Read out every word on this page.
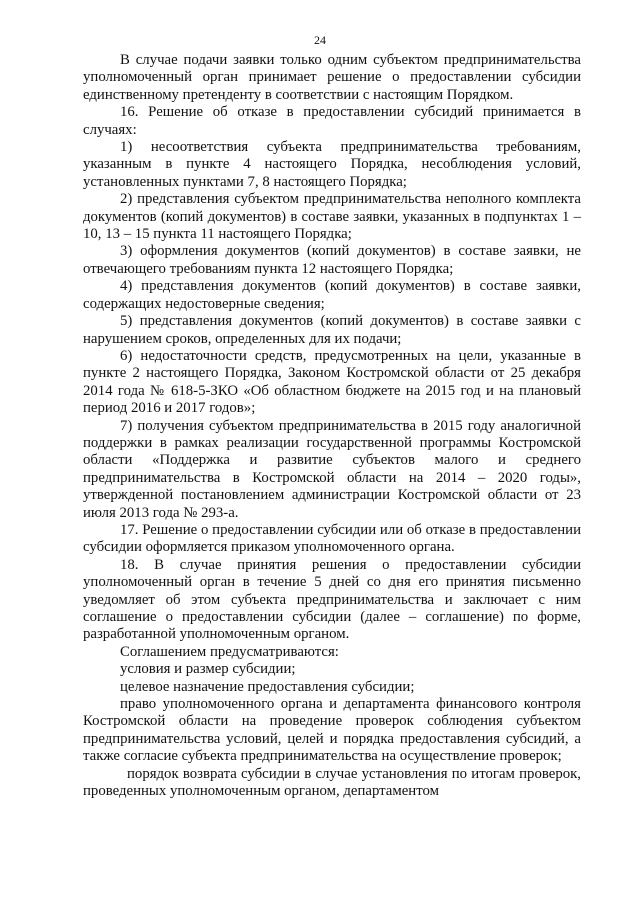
24

В случае подачи заявки только одним субъектом предпринимательства уполномоченный орган принимает решение о предоставлении субсидии единственному претенденту в соответствии с настоящим Порядком.

16. Решение об отказе в предоставлении субсидий принимается в случаях:

1) несоответствия субъекта предпринимательства требованиям, указанным в пункте 4 настоящего Порядка, несоблюдения условий, установленных пунктами 7, 8 настоящего Порядка;

2) представления субъектом предпринимательства неполного комплекта документов (копий документов) в составе заявки, указанных в подпунктах 1 – 10, 13 – 15 пункта 11 настоящего Порядка;

3) оформления документов (копий документов) в составе заявки, не отвечающего требованиям пункта 12 настоящего Порядка;

4) представления документов (копий документов) в составе заявки, содержащих недостоверные сведения;

5) представления документов (копий документов) в составе заявки с нарушением сроков, определенных для их подачи;

6) недостаточности средств, предусмотренных на цели, указанные в пункте 2 настоящего Порядка, Законом Костромской области от 25 декабря 2014 года № 618-5-ЗКО «Об областном бюджете на 2015 год и на плановый период 2016 и 2017 годов»;

7) получения субъектом предпринимательства в 2015 году аналогичной поддержки в рамках реализации государственной программы Костромской области «Поддержка и развитие субъектов малого и среднего предпринимательства в Костромской области на 2014 – 2020 годы», утвержденной постановлением администрации Костромской области от 23 июля 2013 года № 293-а.

17. Решение о предоставлении субсидии или об отказе в предоставлении субсидии оформляется приказом уполномоченного органа.

18. В случае принятия решения о предоставлении субсидии уполномоченный орган в течение 5 дней со дня его принятия письменно уведомляет об этом субъекта предпринимательства и заключает с ним соглашение о предоставлении субсидии (далее – соглашение) по форме, разработанной уполномоченным органом.

Соглашением предусматриваются:

условия и размер субсидии;

целевое назначение предоставления субсидии;

право уполномоченного органа и департамента финансового контроля Костромской области на проведение проверок соблюдения субъектом предпринимательства условий, целей и порядка предоставления субсидий, а также согласие субъекта предпринимательства на осуществление проверок;

порядок возврата субсидии в случае установления по итогам проверок, проведенных уполномоченным органом, департаментом
